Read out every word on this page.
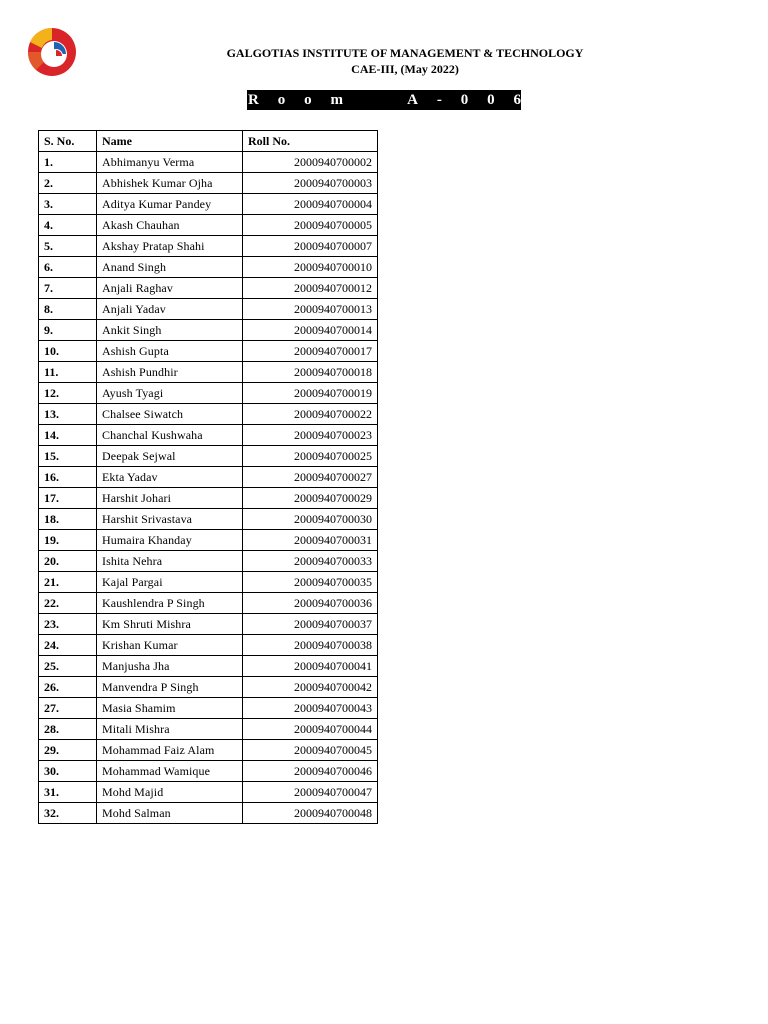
GALGOTIAS INSTITUTE OF MANAGEMENT & TECHNOLOGY
CAE-III, (May 2022)
R o o m

	A - 0 0 6
S. No.	Name	Roll No.
1.	Abhimanyu Verma	2000940700002
2.	Abhishek Kumar Ojha	2000940700003
3.	Aditya Kumar Pandey	2000940700004
4.	Akash Chauhan	2000940700005
5.	Akshay Pratap Shahi	2000940700007
6.	Anand Singh	2000940700010
7.	Anjali Raghav	2000940700012
8.	Anjali Yadav	2000940700013
9.	Ankit Singh	2000940700014
10.	Ashish Gupta	2000940700017
11.	Ashish Pundhir	2000940700018
12.	Ayush Tyagi	2000940700019
13.	Chalsee Siwatch	2000940700022
14.	Chanchal Kushwaha	2000940700023
15.	Deepak Sejwal	2000940700025
16.	Ekta Yadav	2000940700027
17.	Harshit Johari	2000940700029
18.	Harshit Srivastava	2000940700030
19.	Humaira Khanday	2000940700031
20.	Ishita Nehra	2000940700033
21.	Kajal Pargai	2000940700035
22.	Kaushlendra P Singh	2000940700036
23.	Km Shruti Mishra	2000940700037
24.	Krishan Kumar	2000940700038
25.	Manjusha Jha	2000940700041
26.	Manvendra P Singh	2000940700042
27.	Masia Shamim	2000940700043
28.	Mitali Mishra	2000940700044
29.	Mohammad Faiz Alam	2000940700045
30.	Mohammad Wamique	2000940700046
31.	Mohd Majid	2000940700047
32.	Mohd Salman	2000940700048
